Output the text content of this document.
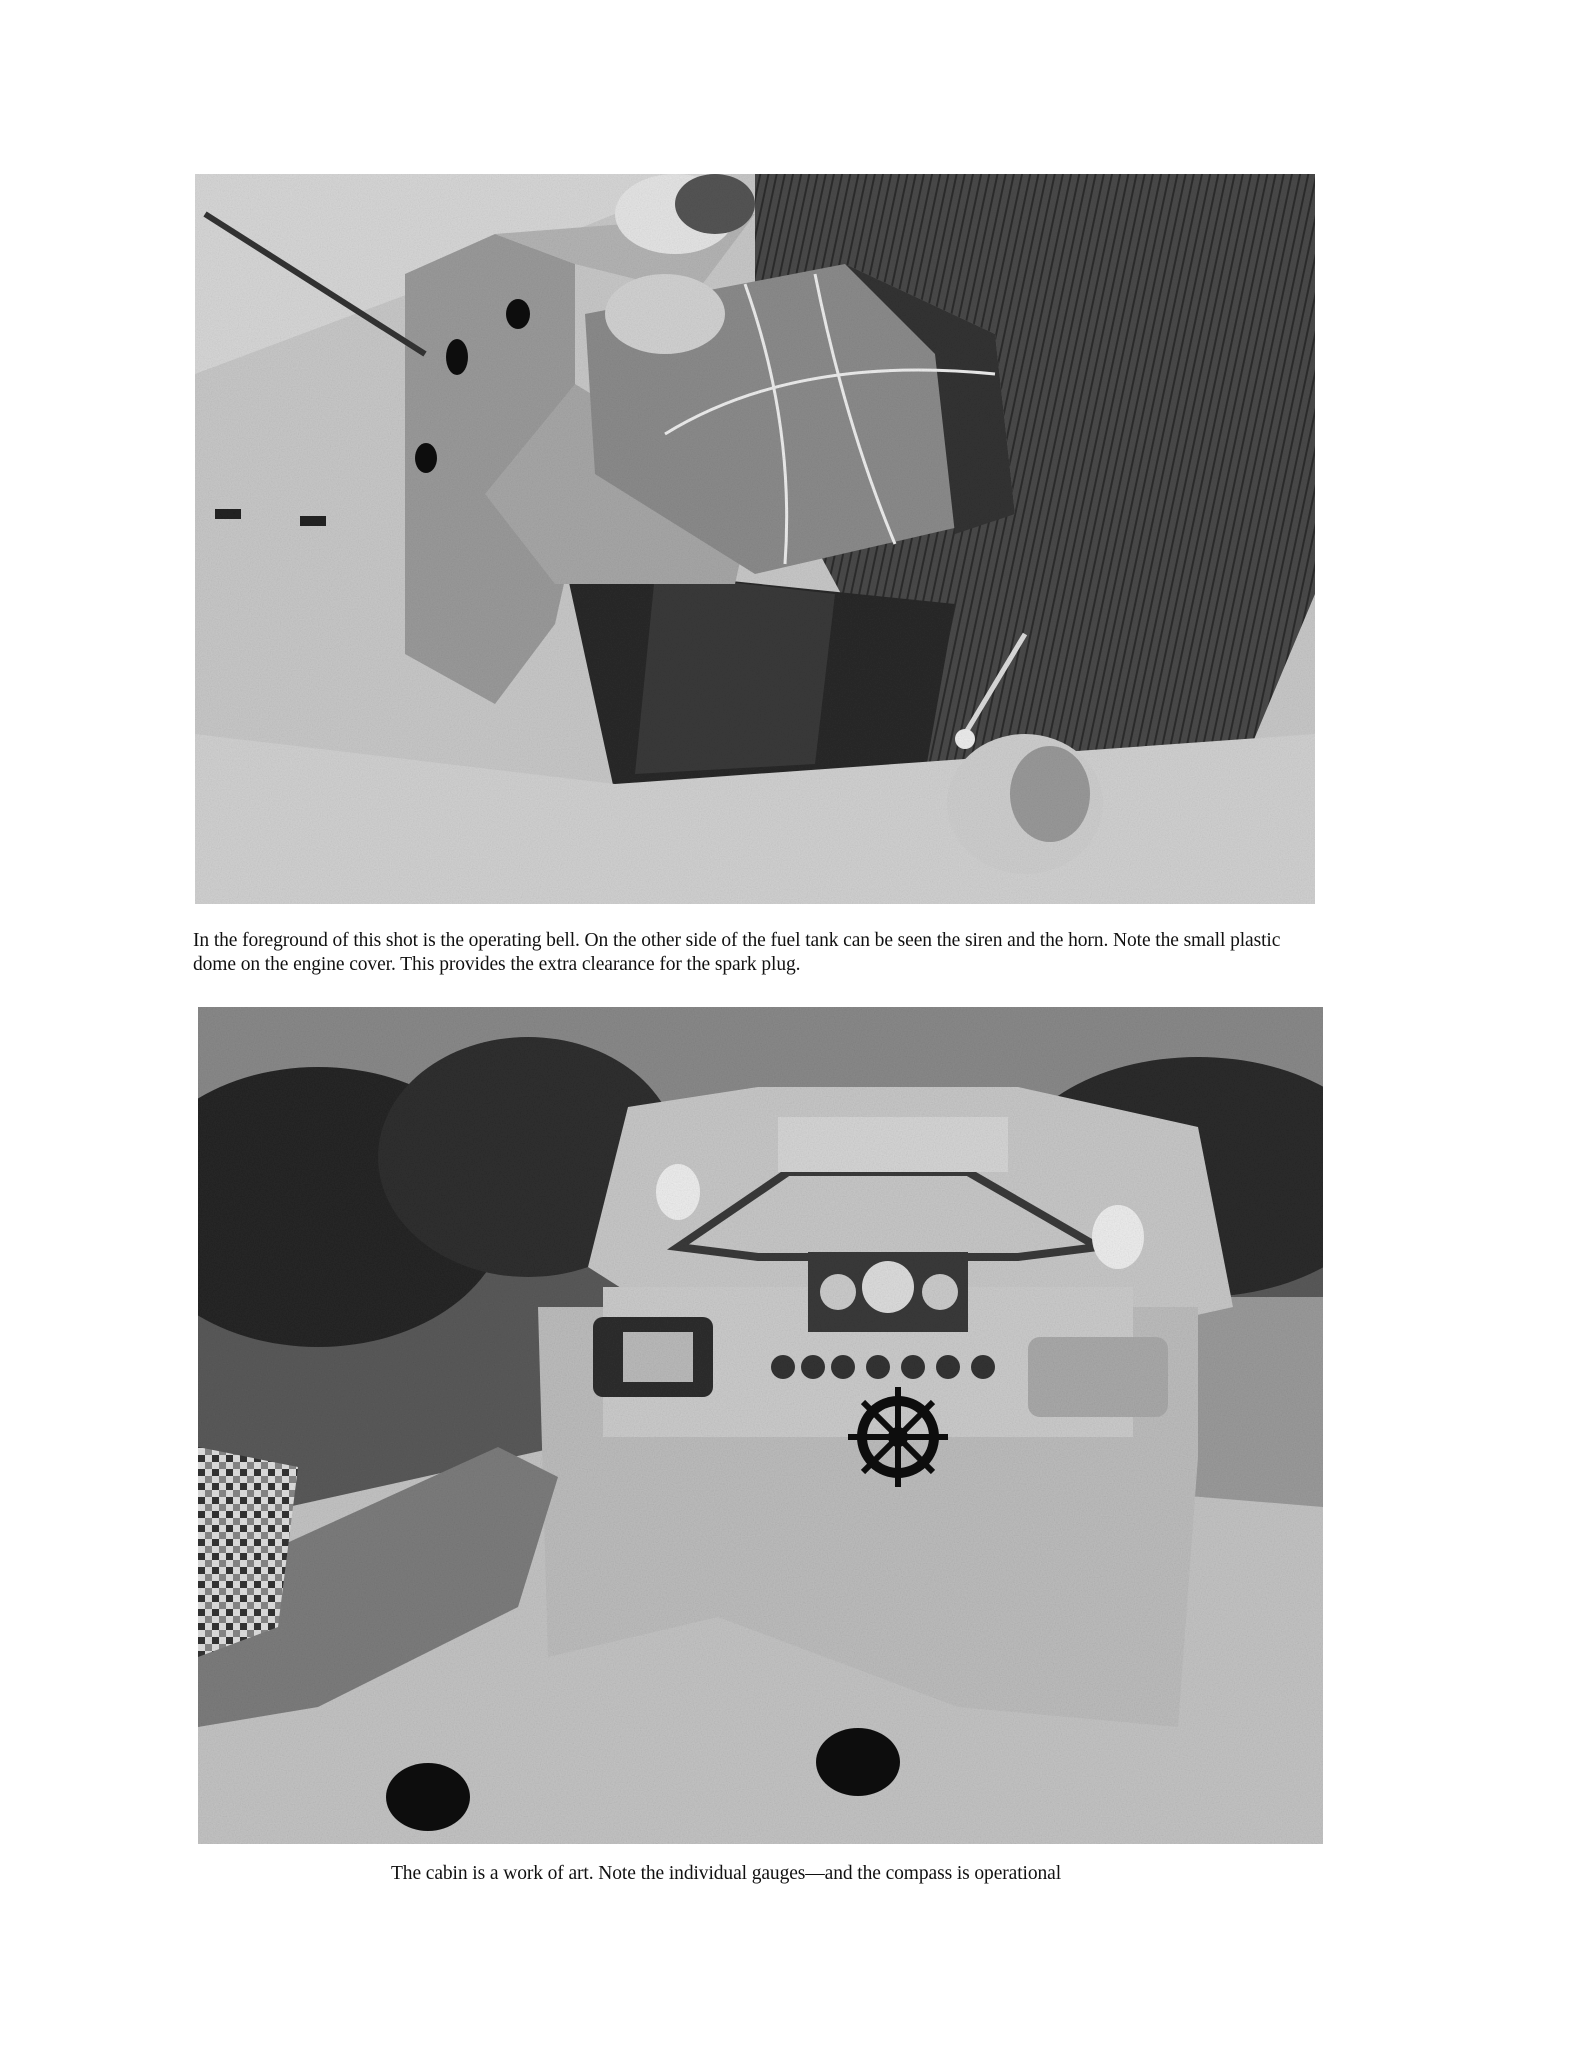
In the foreground of this shot is the operating bell. On the other side of the fuel tank can be seen the siren and the horn. Note the small plastic
dome on the engine cover. This provides the extra clearance for the spark plug.

The cabin is a work of art. Note the individual gauges—and the compass is operational
